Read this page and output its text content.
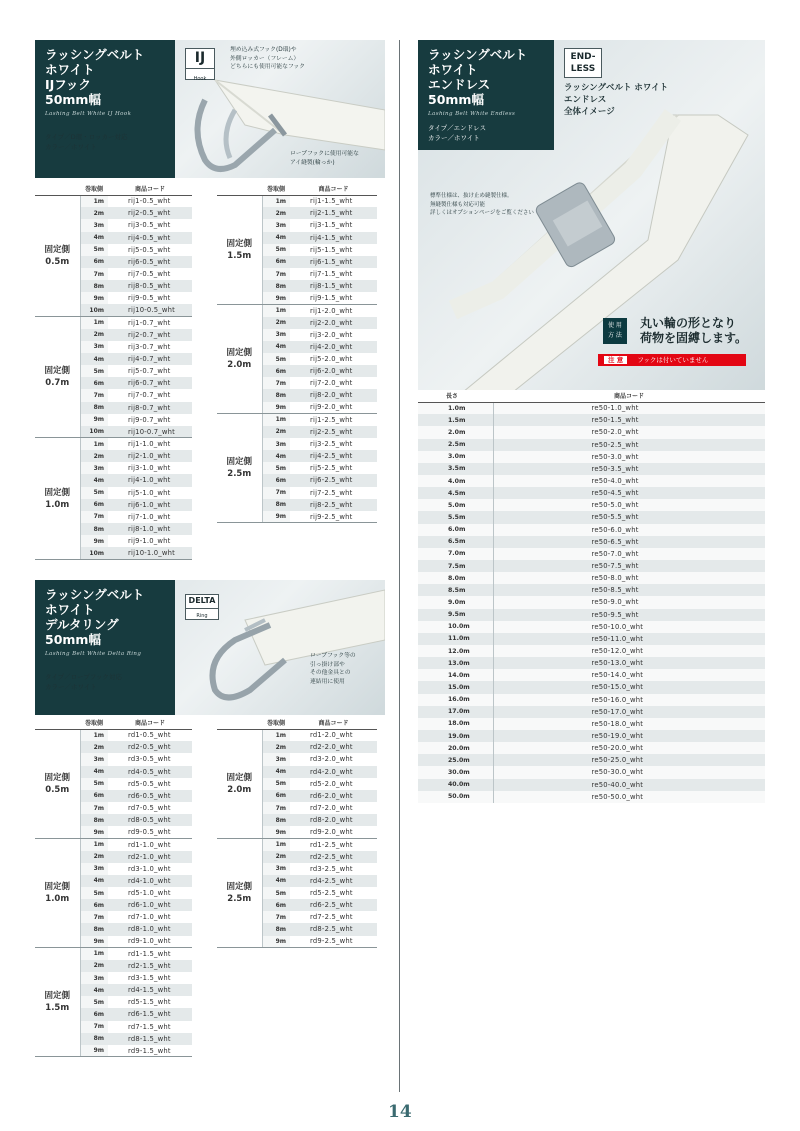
ラッシングベルト
ホワイト
IJフック
50mm幅
Lashing Belt White IJ Hook
タイプ／D環・ロッカー対応
カラー／ホワイト
IJ
Hook
埋め込み式フック(D環)や
外側ロッカー（フレーム）
どちらにも使用可能なフック
ロープフックに使用可能な
アイ縫製(輪っか)
	巻取側	商品コード

固定側
0.5m	1m	rij1-0.5_wht
	2m	rij2-0.5_wht
	3m	rij3-0.5_wht
	4m	rij4-0.5_wht
	5m	rij5-0.5_wht
	6m	rij6-0.5_wht
	7m	rij7-0.5_wht
	8m	rij8-0.5_wht
	9m	rij9-0.5_wht
	10m	rij10-0.5_wht

固定側
0.7m	1m	rij1-0.7_wht
	2m	rij2-0.7_wht
	3m	rij3-0.7_wht
	4m	rij4-0.7_wht
	5m	rij5-0.7_wht
	6m	rij6-0.7_wht
	7m	rij7-0.7_wht
	8m	rij8-0.7_wht
	9m	rij9-0.7_wht
	10m	rij10-0.7_wht

固定側
1.0m	1m	rij1-1.0_wht
	2m	rij2-1.0_wht
	3m	rij3-1.0_wht
	4m	rij4-1.0_wht
	5m	rij5-1.0_wht
	6m	rij6-1.0_wht
	7m	rij7-1.0_wht
	8m	rij8-1.0_wht
	9m	rij9-1.0_wht
	10m	rij10-1.0_wht
	巻取側	商品コード

固定側
1.5m	1m	rij1-1.5_wht
	2m	rij2-1.5_wht
	3m	rij3-1.5_wht
	4m	rij4-1.5_wht
	5m	rij5-1.5_wht
	6m	rij6-1.5_wht
	7m	rij7-1.5_wht
	8m	rij8-1.5_wht
	9m	rij9-1.5_wht

固定側
2.0m	1m	rij1-2.0_wht
	2m	rij2-2.0_wht
	3m	rij3-2.0_wht
	4m	rij4-2.0_wht
	5m	rij5-2.0_wht
	6m	rij6-2.0_wht
	7m	rij7-2.0_wht
	8m	rij8-2.0_wht
	9m	rij9-2.0_wht

固定側
2.5m	1m	rij1-2.5_wht
	2m	rij2-2.5_wht
	3m	rij3-2.5_wht
	4m	rij4-2.5_wht
	5m	rij5-2.5_wht
	6m	rij6-2.5_wht
	7m	rij7-2.5_wht
	8m	rij8-2.5_wht
	9m	rij9-2.5_wht
ラッシングベルト
ホワイト
デルタリング
50mm幅
Lashing Belt White Delta Ring
タイプ／ロープフック対応
カラー／ホワイト
DELTA
Ring
ロープフック等の
引っ掛け部や
その他金具との
連結用に使用
	巻取側	商品コード

固定側
0.5m	1m	rd1-0.5_wht
	2m	rd2-0.5_wht
	3m	rd3-0.5_wht
	4m	rd4-0.5_wht
	5m	rd5-0.5_wht
	6m	rd6-0.5_wht
	7m	rd7-0.5_wht
	8m	rd8-0.5_wht
	9m	rd9-0.5_wht

固定側
1.0m	1m	rd1-1.0_wht
	2m	rd2-1.0_wht
	3m	rd3-1.0_wht
	4m	rd4-1.0_wht
	5m	rd5-1.0_wht
	6m	rd6-1.0_wht
	7m	rd7-1.0_wht
	8m	rd8-1.0_wht
	9m	rd9-1.0_wht

固定側
1.5m	1m	rd1-1.5_wht
	2m	rd2-1.5_wht
	3m	rd3-1.5_wht
	4m	rd4-1.5_wht
	5m	rd5-1.5_wht
	6m	rd6-1.5_wht
	7m	rd7-1.5_wht
	8m	rd8-1.5_wht
	9m	rd9-1.5_wht
	巻取側	商品コード

固定側
2.0m	1m	rd1-2.0_wht
	2m	rd2-2.0_wht
	3m	rd3-2.0_wht
	4m	rd4-2.0_wht
	5m	rd5-2.0_wht
	6m	rd6-2.0_wht
	7m	rd7-2.0_wht
	8m	rd8-2.0_wht
	9m	rd9-2.0_wht

固定側
2.5m	1m	rd1-2.5_wht
	2m	rd2-2.5_wht
	3m	rd3-2.5_wht
	4m	rd4-2.5_wht
	5m	rd5-2.5_wht
	6m	rd6-2.5_wht
	7m	rd7-2.5_wht
	8m	rd8-2.5_wht
	9m	rd9-2.5_wht
ラッシングベルト
ホワイト
エンドレス
50mm幅
Lashing Belt White Endless
タイプ／エンドレス
カラー／ホワイト
END-
LESS
ラッシングベルト ホワイト
エンドレス
全体イメージ
標準仕様は、抜け止め縫製仕様。
無縫製仕様も対応可能
詳しくはオプションページをご覧ください
使 用
方 法
丸い輪の形となり
荷物を固縛します。
注 意 フックは付いていません
長さ	商品コード
1.0m	re50-1.0_wht
1.5m	re50-1.5_wht
2.0m	re50-2.0_wht
2.5m	re50-2.5_wht
3.0m	re50-3.0_wht
3.5m	re50-3.5_wht
4.0m	re50-4.0_wht
4.5m	re50-4.5_wht
5.0m	re50-5.0_wht
5.5m	re50-5.5_wht
6.0m	re50-6.0_wht
6.5m	re50-6.5_wht
7.0m	re50-7.0_wht
7.5m	re50-7.5_wht
8.0m	re50-8.0_wht
8.5m	re50-8.5_wht
9.0m	re50-9.0_wht
9.5m	re50-9.5_wht
10.0m	re50-10.0_wht
11.0m	re50-11.0_wht
12.0m	re50-12.0_wht
13.0m	re50-13.0_wht
14.0m	re50-14.0_wht
15.0m	re50-15.0_wht
16.0m	re50-16.0_wht
17.0m	re50-17.0_wht
18.0m	re50-18.0_wht
19.0m	re50-19.0_wht
20.0m	re50-20.0_wht
25.0m	re50-25.0_wht
30.0m	re50-30.0_wht
40.0m	re50-40.0_wht
50.0m	re50-50.0_wht
14
